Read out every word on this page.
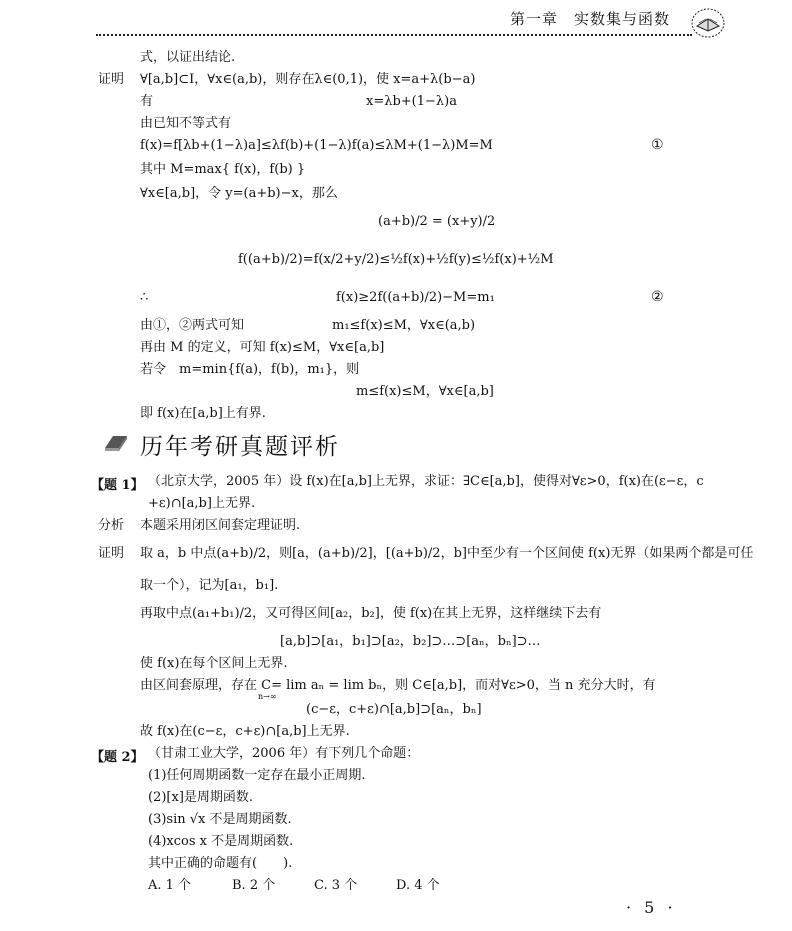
第一章　实数集与函数
式，以证出结论.
证明 ∀[a,b]⊂I，∀x∈(a,b)，则存在λ∈(0,1)，使 x=a+λ(b−a)
有	x=λb+(1−λ)a
由已知不等式有
f(x)=f[λb+(1−λ)a]≤λf(b)+(1−λ)f(a)≤λM+(1−λ)M=M	①
其中 M=max{ f(x)，f(b) }
∀x∈[a,b]，令 y=(a+b)−x，那么
(a+b)/2 = (x+y)/2
f((a+b)/2)=f(x/2+y/2)≤½f(x)+½f(y)≤½f(x)+½M
∴	f(x)≥2f((a+b)/2)−M=m₁	②
由①，②两式可知	m₁≤f(x)≤M，∀x∈(a,b)
再由 M 的定义，可知 f(x)≤M，∀x∈[a,b]
若令　m=min{f(a)，f(b)，m₁}，则
m≤f(x)≤M，∀x∈[a,b]
即 f(x)在[a,b]上有界.
历年考研真题评析
【题 1】 （北京大学，2005 年）设 f(x)在[a,b]上无界，求证：∃C∈[a,b]，使得对∀ε>0，f(x)在(ε−ε，c
+ε)∩[a,b]上无界.
分析 本题采用闭区间套定理证明.
证明 取 a，b 中点(a+b)/2，则[a，(a+b)/2]，[(a+b)/2，b]中至少有一个区间使 f(x)无界（如果两个都是可任
取一个），记为[a₁，b₁].
再取中点(a₁+b₁)/2，又可得区间[a₂，b₂]，使 f(x)在其上无界，这样继续下去有
[a,b]⊃[a₁，b₁]⊃[a₂，b₂]⊃…⊃[aₙ，bₙ]⊃…
使 f(x)在每个区间上无界.
由区间套原理，存在 C= lim aₙ = lim bₙ，则 C∈[a,b]，而对∀ε>0，当 n 充分大时，有
n→∞
(c−ε，c+ε)∩[a,b]⊃[aₙ，bₙ]
故 f(x)在(c−ε，c+ε)∩[a,b]上无界.
【题 2】 （甘肃工业大学，2006 年）有下列几个命题：
(1)任何周期函数一定存在最小正周期.
(2)[x]是周期函数.
(3)sin √x 不是周期函数.
(4)xcos x 不是周期函数.
其中正确的命题有(　　).
A. 1 个	B. 2 个	C. 3 个	D. 4 个
· 5 ·
